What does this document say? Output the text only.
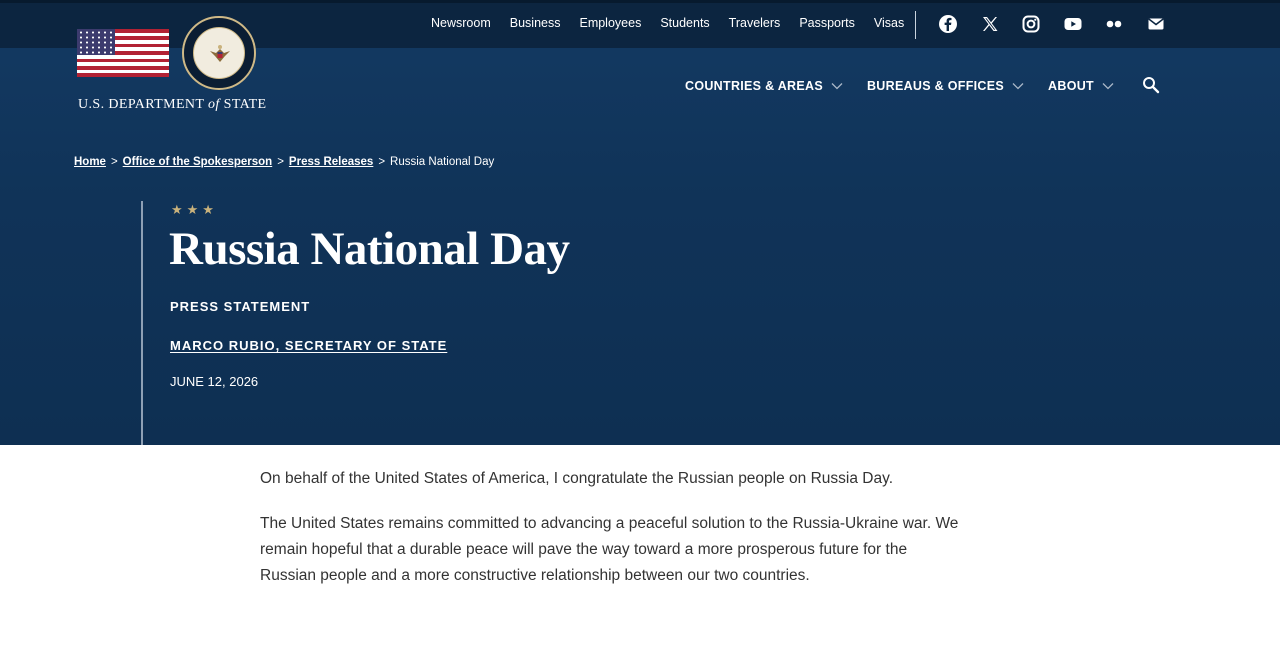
U.S. DEPARTMENT of STATE
Newsroom Business Employees Students Travelers Passports Visas
COUNTRIES & AREAS	BUREAUS & OFFICES	ABOUT
Home > Office of the Spokesperson > Press Releases > Russia National Day
★★★
Russia National Day
PRESS STATEMENT
MARCO RUBIO, SECRETARY OF STATE
JUNE 12, 2026

On behalf of the United States of America, I congratulate the Russian people on Russia Day.

The United States remains committed to advancing a peaceful solution to the Russia-Ukraine war. We remain hopeful that a durable peace will pave the way toward a more prosperous future for the Russian people and a more constructive relationship between our two countries.
